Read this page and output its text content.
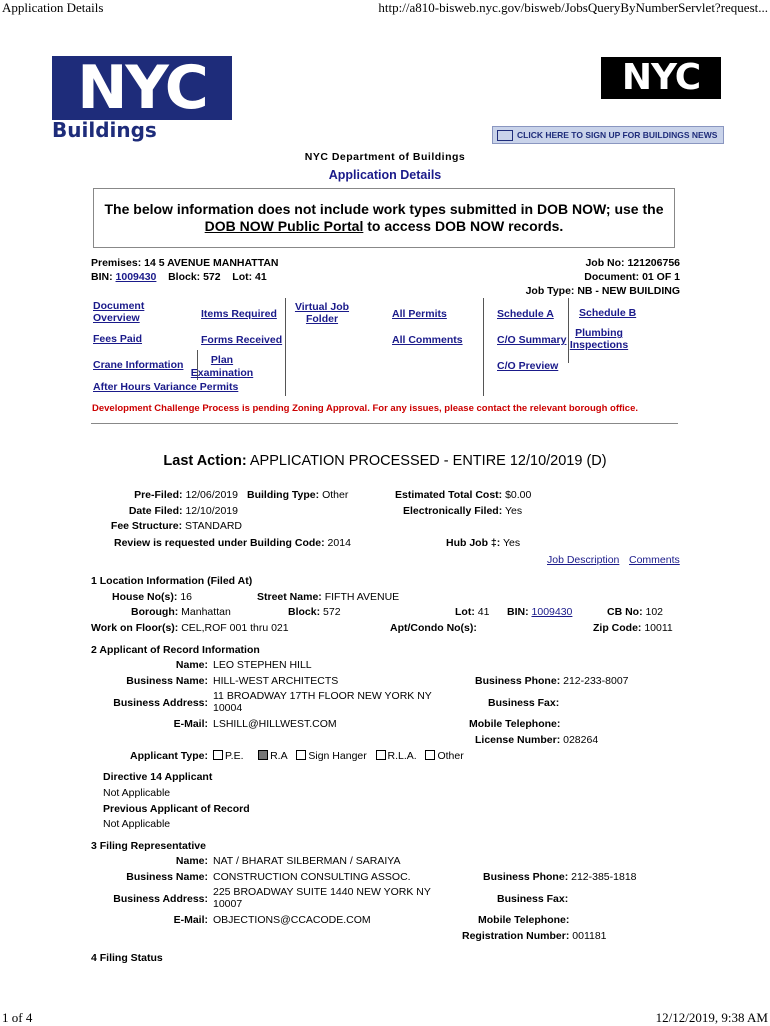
Application Details	http://a810-bisweb.nyc.gov/bisweb/JobsQueryByNumberServlet?request...
NYC
Buildings
NYC
CLICK HERE TO SIGN UP FOR BUILDINGS NEWS
NYC Department of Buildings
Application Details
The below information does not include work types submitted in DOB NOW; use the DOB NOW Public Portal to access DOB NOW records.
Premises: 14 5 AVENUE MANHATTAN
BIN: 1009430 Block: 572 Lot: 41
Job No: 121206756
Document: 01 OF 1
Job Type: NB - NEW BUILDING
Document Overview	Items Required
Virtual Job Folder	All Permits	Schedule A Schedule B
Fees Paid	Forms Received	All Comments	C/O Summary
Plumbing Inspections
Crane Information	Plan Examination
C/O Preview
After Hours Variance Permits
Development Challenge Process is pending Zoning Approval. For any issues, please contact the relevant borough office.
Last Action: APPLICATION PROCESSED - ENTIRE 12/10/2019 (D)
Pre-Filed: 12/06/2019 Building Type: Other	Estimated Total Cost: $0.00
Date Filed: 12/10/2019	Electronically Filed: Yes
Fee Structure: STANDARD
Review is requested under Building Code: 2014	Hub Job ‡: Yes
Job Description Comments
1 Location Information (Filed At)
House No(s): 16	Street Name: FIFTH AVENUE
Borough: Manhattan	Block: 572	Lot: 41 BIN: 1009430	CB No: 102
Work on Floor(s): CEL,ROF 001 thru 021	Apt/Condo No(s):	Zip Code: 10011
2 Applicant of Record Information
Name: LEO STEPHEN HILL
Business Name: HILL-WEST ARCHITECTS	Business Phone: 212-233-8007
Business Address:
11 BROADWAY 17TH FLOOR NEW YORK NY
10004	Business Fax:
E-Mail: LSHILL@HILLWEST.COM	Mobile Telephone:
License Number: 028264
Applicant Type:	P.E.	R.A Sign Hanger R.L.A. Other
Directive 14 Applicant
Not Applicable
Previous Applicant of Record
Not Applicable
3 Filing Representative
Name: NAT / BHARAT SILBERMAN / SARAIYA
Business Name: CONSTRUCTION CONSULTING ASSOC.	Business Phone: 212-385-1818
Business Address:
225 BROADWAY SUITE 1440 NEW YORK NY
10007	Business Fax:
E-Mail: OBJECTIONS@CCACODE.COM	Mobile Telephone:
Registration Number: 001181
4 Filing Status
1 of 4	12/12/2019, 9:38 AM
